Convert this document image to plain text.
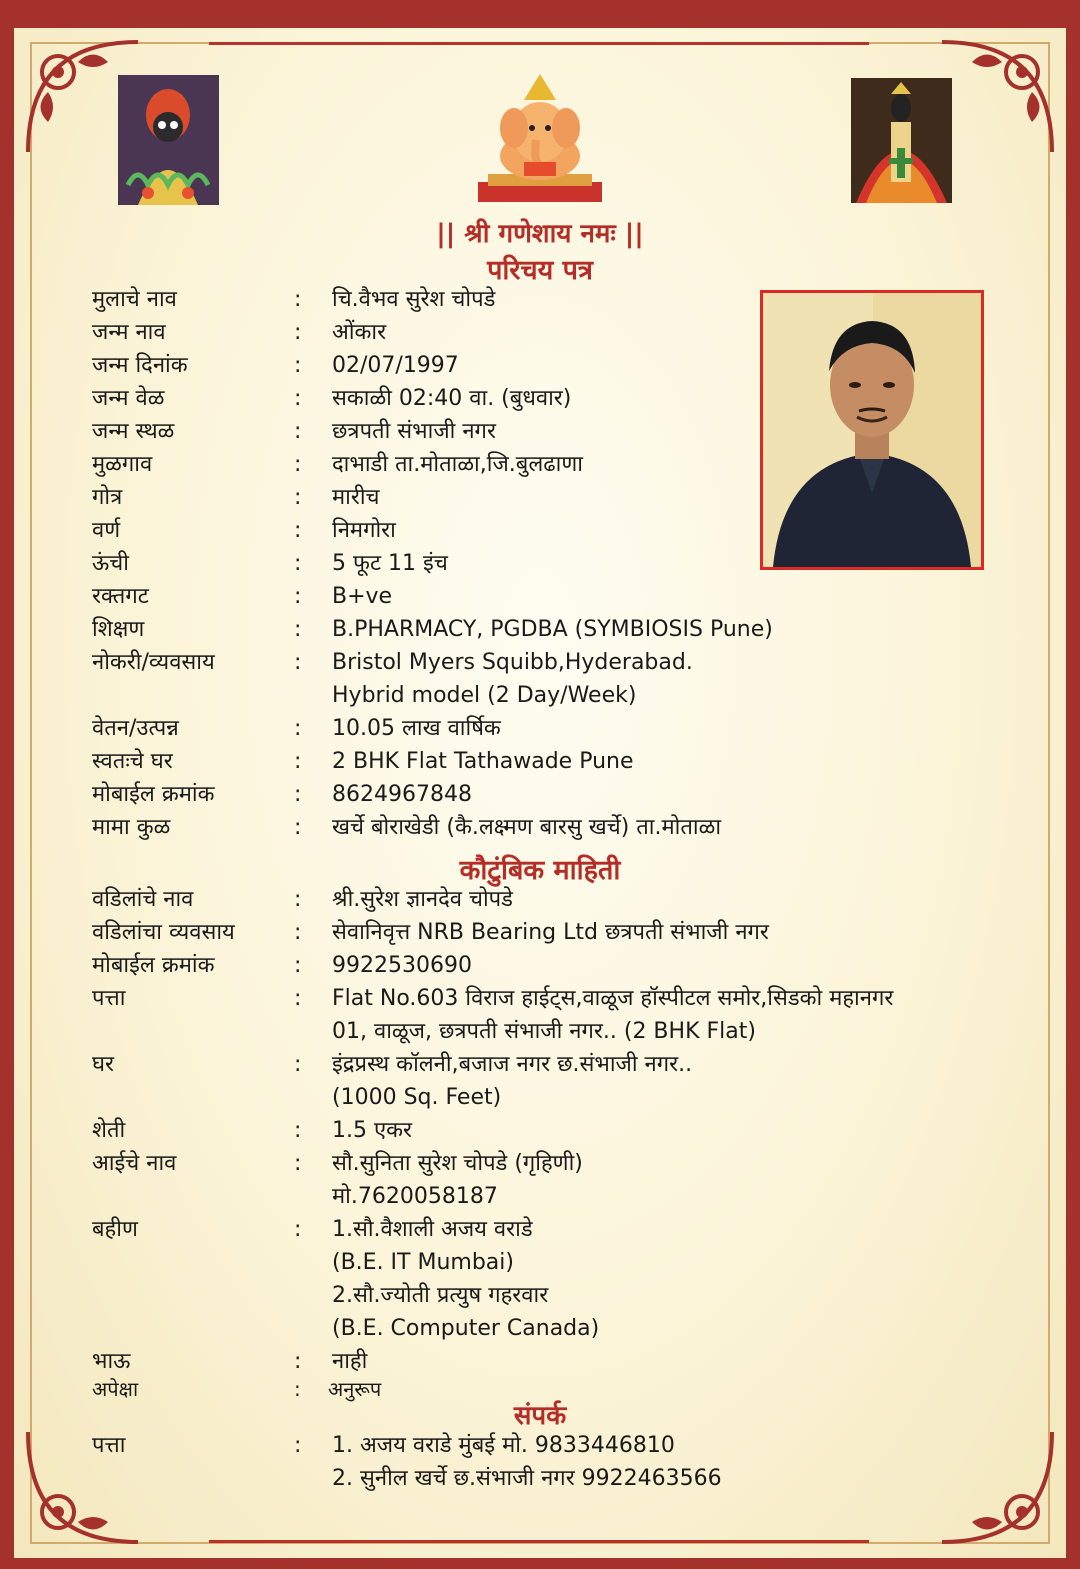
|| श्री गणेशाय नमः ||
परिचय पत्र
मुलाचे नाव	: चि.वैभव सुरेश चोपडे
जन्म नाव	: ओंकार
जन्म दिनांक	: 02/07/1997
जन्म वेळ	: सकाळी 02:40 वा. (बुधवार)
जन्म स्थळ	: छत्रपती संभाजी नगर
मुळगाव	: दाभाडी ता.मोताळा,जि.बुलढाणा
गोत्र	: मारीच
वर्ण	: निमगोरा
ऊंची	: 5 फूट 11 इंच
रक्तगट	: B+ve
शिक्षण	: B.PHARMACY, PGDBA (SYMBIOSIS Pune)
नोकरी/व्यवसाय	: Bristol Myers Squibb,Hyderabad.
Hybrid model (2 Day/Week)
वेतन/उत्पन्न	: 10.05 लाख वार्षिक
स्वतःचे घर	: 2 BHK Flat Tathawade Pune
मोबाईल क्रमांक	: 8624967848
मामा कुळ	: खर्चे बोराखेडी (कै.लक्ष्मण बारसु खर्चे) ता.मोताळा
कौटुंबिक माहिती
वडिलांचे नाव	: श्री.सुरेश ज्ञानदेव चोपडे
वडिलांचा व्यवसाय	: सेवानिवृत्त NRB Bearing Ltd छत्रपती संभाजी नगर
मोबाईल क्रमांक	: 9922530690
पत्ता	: Flat No.603 विराज हाईट्स,वाळूज हॉस्पीटल समोर,सिडको महानगर
01, वाळूज, छत्रपती संभाजी नगर.. (2 BHK Flat)
घर	: इंद्रप्रस्थ कॉलनी,बजाज नगर छ.संभाजी नगर..
(1000 Sq. Feet)
शेती	: 1.5 एकर
आईचे नाव	: सौ.सुनिता सुरेश चोपडे (गृहिणी)
मो.7620058187
बहीण	: 1.सौ.वैशाली अजय वराडे
(B.E. IT Mumbai)
2.सौ.ज्योती प्रत्युष गहरवार
(B.E. Computer Canada)
भाऊ	: नाही
अपेक्षा	: अनुरूप
संपर्क
पत्ता	: 1. अजय वराडे मुंबई मो. 9833446810
2. सुनील खर्चे छ.संभाजी नगर 9922463566
